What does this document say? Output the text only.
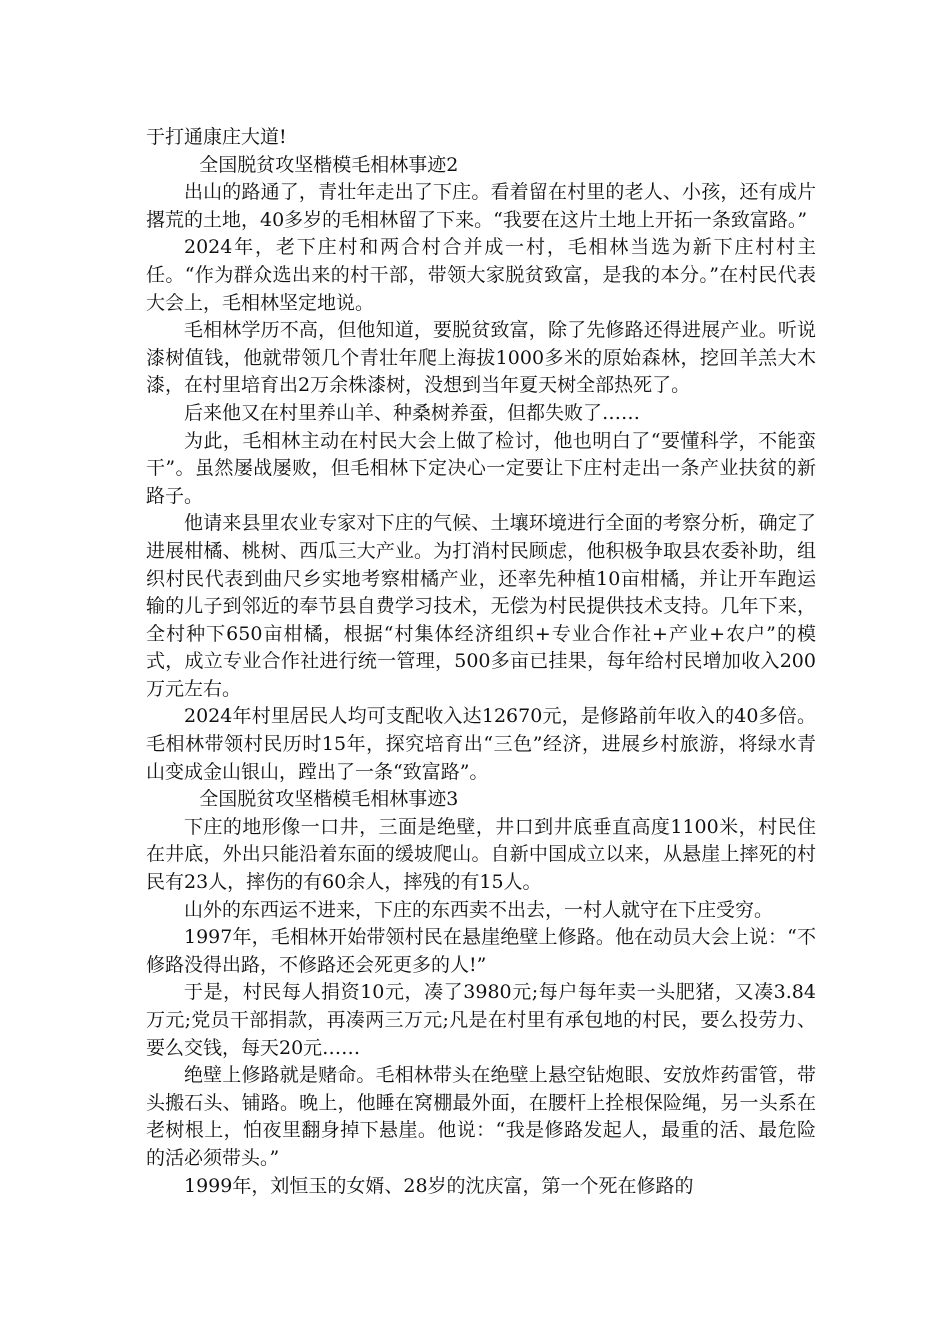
于打通康庄大道!

全国脱贫攻坚楷模毛相林事迹2

出山的路通了，青壮年走出了下庄。看着留在村里的老人、小孩，还有成片撂荒的土地，40多岁的毛相林留了下来。“我要在这片土地上开拓一条致富路。”

2024年，老下庄村和两合村合并成一村，毛相林当选为新下庄村村主任。“作为群众选出来的村干部，带领大家脱贫致富，是我的本分。”在村民代表大会上，毛相林坚定地说。

毛相林学历不高，但他知道，要脱贫致富，除了先修路还得进展产业。听说漆树值钱，他就带领几个青壮年爬上海拔1000多米的原始森林，挖回羊羔大木漆，在村里培育出2万余株漆树，没想到当年夏天树全部热死了。

后来他又在村里养山羊、种桑树养蚕，但都失败了……

为此，毛相林主动在村民大会上做了检讨，他也明白了“要懂科学，不能蛮干”。虽然屡战屡败，但毛相林下定决心一定要让下庄村走出一条产业扶贫的新路子。

他请来县里农业专家对下庄的气候、土壤环境进行全面的考察分析，确定了进展柑橘、桃树、西瓜三大产业。为打消村民顾虑，他积极争取县农委补助，组织村民代表到曲尺乡实地考察柑橘产业，还率先种植10亩柑橘，并让开车跑运输的儿子到邻近的奉节县自费学习技术，无偿为村民提供技术支持。几年下来，全村种下650亩柑橘，根据“村集体经济组织+专业合作社+产业+农户”的模式，成立专业合作社进行统一管理，500多亩已挂果，每年给村民增加收入200万元左右。

2024年村里居民人均可支配收入达12670元，是修路前年收入的40多倍。毛相林带领村民历时15年，探究培育出“三色”经济，进展乡村旅游，将绿水青山变成金山银山，蹚出了一条“致富路”。

全国脱贫攻坚楷模毛相林事迹3

下庄的地形像一口井，三面是绝壁，井口到井底垂直高度1100米，村民住在井底，外出只能沿着东面的缓坡爬山。自新中国成立以来，从悬崖上摔死的村民有23人，摔伤的有60余人，摔残的有15人。

山外的东西运不进来，下庄的东西卖不出去，一村人就守在下庄受穷。

1997年，毛相林开始带领村民在悬崖绝壁上修路。他在动员大会上说：“不修路没得出路，不修路还会死更多的人!”

于是，村民每人捐资10元，凑了3980元;每户每年卖一头肥猪，又凑3.84万元;党员干部捐款，再凑两三万元;凡是在村里有承包地的村民，要么投劳力、要么交钱，每天20元……

绝壁上修路就是赌命。毛相林带头在绝壁上悬空钻炮眼、安放炸药雷管，带头搬石头、铺路。晚上，他睡在窝棚最外面，在腰杆上拴根保险绳，另一头系在老树根上，怕夜里翻身掉下悬崖。他说：“我是修路发起人，最重的活、最危险的活必须带头。”

1999年，刘恒玉的女婿、28岁的沈庆富，第一个死在修路的
